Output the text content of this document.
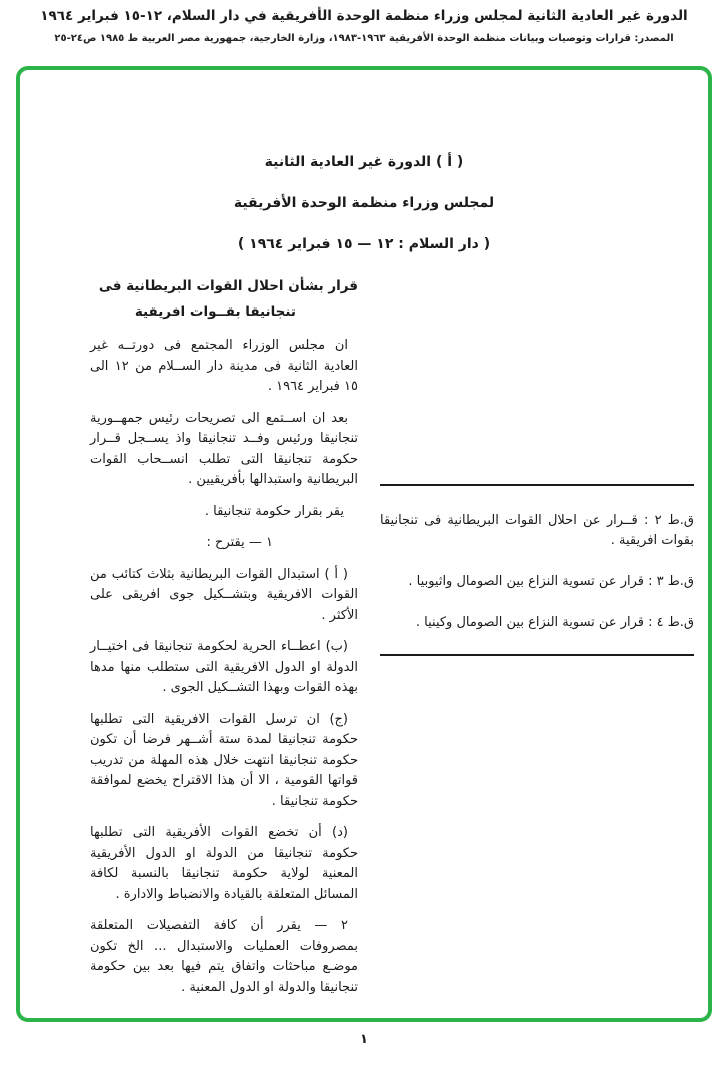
الدورة غير العادية الثانية لمجلس وزراء منظمة الوحدة الأفريقية في دار السلام، ١٢-١٥ فبراير ١٩٦٤
المصدر: قرارات وتوصيات وبيانات منظمة الوحدة الأفريقية ١٩٦٣-١٩٨٣، وزارة الخارجية، جمهورية مصر العربية ط ١٩٨٥ ص٢٤-٢٥
( أ ) الدورة غير العادية الثانية
لمجلس وزراء منظمة الوحدة الأفريقية
( دار السلام : ١٢ — ١٥ فبراير ١٩٦٤ )
قرار بشأن احلال القوات البريطانية فى
تنجانيقا بقــوات افريقية

ان مجلس الوزراء المجتمع فى دورتــه غير العادية الثانية فى مدينة دار الســلام من ١٢ الى ١٥ فبراير ١٩٦٤ .

بعد ان اســتمع الى تصريحات رئيس جمهــورية تنجانيقا ورئيس وفــد تنجانيقا واذ يســجل قــرار حكومة تنجانيقا التى تطلب انســحاب القوات البريطانية واستبدالها بأفريقيين .

يقر بقرار حكومة تنجانيقا .

١ — يقترح :

( أ ) استبدال القوات البريطانية بثلاث كتائب من القوات الافريقية وبتشــكيل جوى افريقى على الأكثر .

(ب) اعطــاء الحرية لحكومة تنجانيقا فى اختيــار الدولة او الدول الافريقية التى ستطلب منها مدها بهذه القوات وبهذا التشــكيل الجوى .

(ج) ان ترسل القوات الافريقية التى تطلبها حكومة تنجانيقا لمدة ستة أشــهر فرضا أن تكون حكومة تنجانيقا انتهت خلال هذه المهلة من تدريب قواتها القومية ، الا أن هذا الاقتراح يخضع لموافقة حكومة تنجانيقا .

(د) أن تخضع القوات الأفريقية التى تطلبها حكومة تنجانيقا من الدولة او الدول الأفريقية المعنية لولاية حكومة تنجانيقا بالنسبة لكافة المسائل المتعلقة بالقيادة والانضباط والادارة .

٢ — يقرر أن كافة التفصيلات المتعلقة بمصروفات العمليات والاستبدال ... الخ تكون موضـع مباحثات واتفاق يتم فيها بعد بين حكومة تنجانيقا والدولة او الدول المعنية .

ق.ط ٢ : قــرار عن احلال القوات البريطانية فى تنجانيقا بقوات افريقية .
ق.ط ٣ : قرار عن تسوية النزاع بين الصومال واثيوبيا .
ق.ط ٤ : قرار عن تسوية النزاع بين الصومال وكينيا .
١
